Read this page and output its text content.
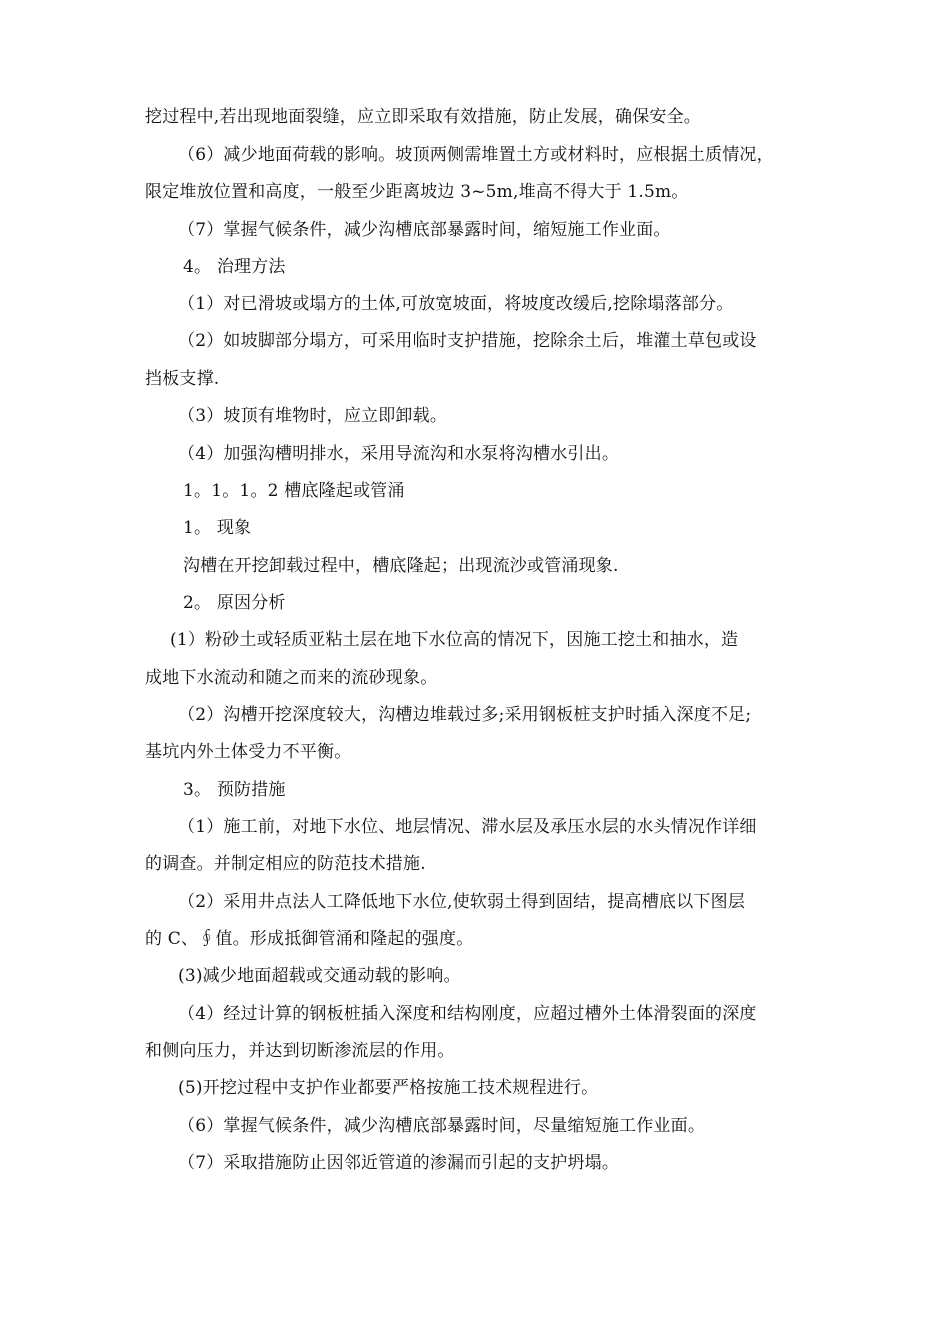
挖过程中,若出现地面裂缝，应立即采取有效措施，防止发展，确保安全。
（6）减少地面荷载的影响。坡顶两侧需堆置土方或材料时，应根据土质情况，
限定堆放位置和高度，一般至少距离坡边 3~5m,堆高不得大于 1.5m。
（7）掌握气候条件，减少沟槽底部暴露时间，缩短施工作业面。
4。 治理方法
（1）对已滑坡或塌方的土体,可放宽坡面，将坡度改缓后,挖除塌落部分。
（2）如坡脚部分塌方，可采用临时支护措施，挖除余土后，堆灌土草包或设
挡板支撑.
（3）坡顶有堆物时，应立即卸载。
（4）加强沟槽明排水，采用导流沟和水泵将沟槽水引出。
1。1。1。2 槽底隆起或管涌
1。 现象
沟槽在开挖卸载过程中，槽底隆起；出现流沙或管涌现象.
2。 原因分析
(1）粉砂土或轻质亚粘土层在地下水位高的情况下，因施工挖土和抽水，造
成地下水流动和随之而来的流砂现象。
（2）沟槽开挖深度较大，沟槽边堆载过多;采用钢板桩支护时插入深度不足;
基坑内外土体受力不平衡。
3。 预防措施
（1）施工前，对地下水位、地层情况、滞水层及承压水层的水头情况作详细
的调查。并制定相应的防范技术措施.
（2）采用井点法人工降低地下水位,使软弱土得到固结，提高槽底以下图层
的 C、∮值。形成抵御管涌和隆起的强度。
(3)减少地面超载或交通动载的影响。
（4）经过计算的钢板桩插入深度和结构刚度，应超过槽外土体滑裂面的深度
和侧向压力，并达到切断渗流层的作用。
(5)开挖过程中支护作业都要严格按施工技术规程进行。
（6）掌握气候条件，减少沟槽底部暴露时间，尽量缩短施工作业面。
（7）采取措施防止因邻近管道的渗漏而引起的支护坍塌。
